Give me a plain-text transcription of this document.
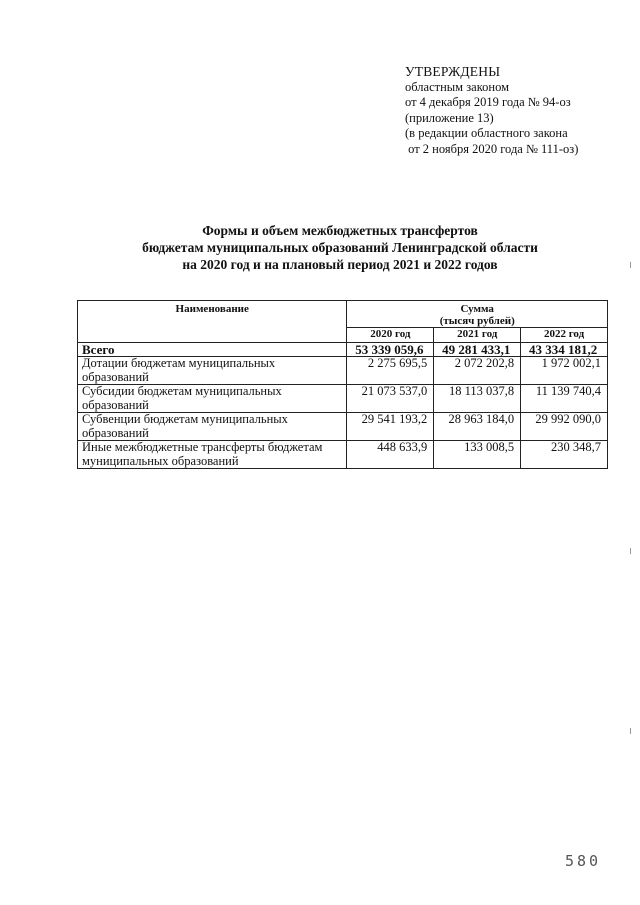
УТВЕРЖДЕНЫ
областным законом
от 4 декабря 2019 года № 94-оз
(приложение 13)
(в редакции областного закона
от 2 ноября 2020 года № 111-оз)
Формы и объем межбюджетных трансфертов
бюджетам муниципальных образований Ленинградской области
на 2020 год и на плановый период 2021 и 2022 годов
Наименование	Сумма
(тысяч рублей)		

	2020 год	2021 год	2022 год
Всего	53 339 059,6	49 281 433,1	43 334 181,2
Дотации бюджетам муниципальных образований	2 275 695,5	2 072 202,8	1 972 002,1
Субсидии бюджетам муниципальных образований	21 073 537,0	18 113 037,8	11 139 740,4
Субвенции бюджетам муниципальных образований	29 541 193,2	28 963 184,0	29 992 090,0
Иные межбюджетные трансферты бюджетам муниципальных образований	448 633,9	133 008,5	230 348,7
580
